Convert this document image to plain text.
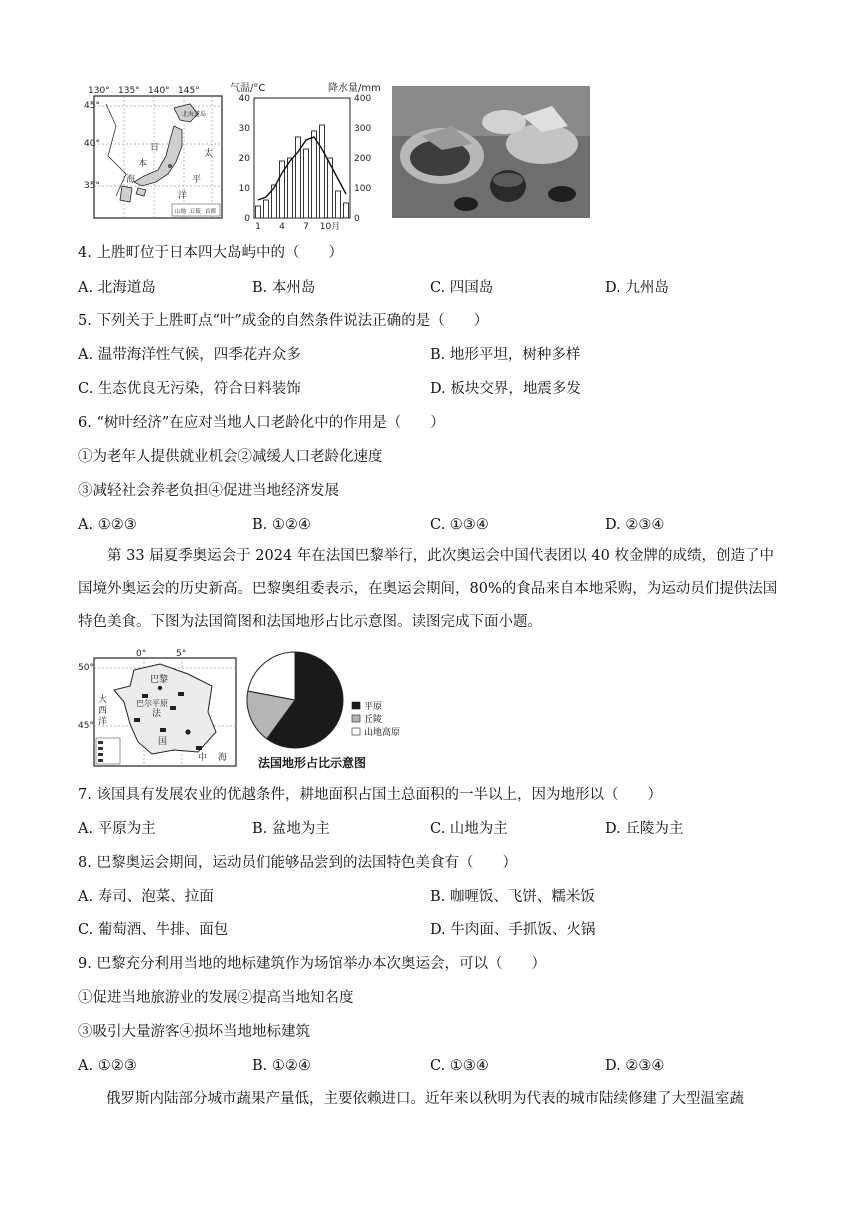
130° 135° 140° 145°
45°
40°
35°
北海道岛
日
本
海
太
平
洋
山地 丘陵 首都
气温/°C	降水量/mm
0
10
20
30
40
0
100
200
300
400
1 4 7 10月
4. 上胜町位于日本四大岛屿中的（　　）
A. 北海道岛	B. 本州岛	C. 四国岛	D. 九州岛
5. 下列关于上胜町点“叶”成金的自然条件说法正确的是（　　）
A. 温带海洋性气候，四季花卉众多	B. 地形平坦，树种多样
C. 生态优良无污染，符合日料装饰	D. 板块交界，地震多发
6. “树叶经济”在应对当地人口老龄化中的作用是（　　）
①为老年人提供就业机会②减缓人口老龄化速度
③减轻社会养老负担④促进当地经济发展
A. ①②③	B. ①②④	C. ①③④	D. ②③④
第 33 届夏季奥运会于 2024 年在法国巴黎举行，此次奥运会中国代表团以 40 枚金牌的成绩，创造了中国境外奥运会的历史新高。巴黎奥组委表示，在奥运会期间，80%的食品来自本地采购，为运动员们提供法国特色美食。下图为法国简图和法国地形占比示意图。读图完成下面小题。
0°	5°
50°
45°
大
西
洋
巴黎
巴尔平原
法
国
中 海
平原
丘陵
山地高原
法国地形占比示意图
7. 该国具有发展农业的优越条件，耕地面积占国土总面积的一半以上，因为地形以（　　）
A. 平原为主	B. 盆地为主	C. 山地为主	D. 丘陵为主
8. 巴黎奥运会期间，运动员们能够品尝到的法国特色美食有（　　）
A. 寿司、泡菜、拉面	B. 咖喱饭、飞饼、糯米饭
C. 葡萄酒、牛排、面包	D. 牛肉面、手抓饭、火锅
9. 巴黎充分利用当地的地标建筑作为场馆举办本次奥运会，可以（　　）
①促进当地旅游业的发展②提高当地知名度
③吸引大量游客④损坏当地地标建筑
A. ①②③	B. ①②④	C. ①③④	D. ②③④
俄罗斯内陆部分城市蔬果产量低，主要依赖进口。近年来以秋明为代表的城市陆续修建了大型温室蔬
